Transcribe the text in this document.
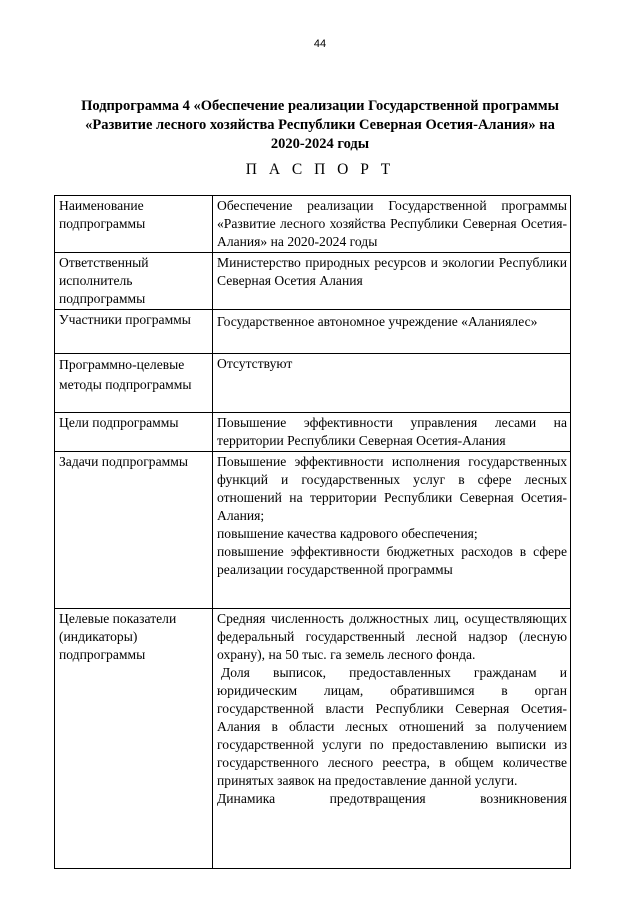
44
Подпрограмма 4 «Обеспечение реализации Государственной программы
«Развитие лесного хозяйства Республики Северная Осетия-Алания» на
2020-2024 годы
П А С П О Р Т
Наименование подпрограммы	Обеспечение реализации Государственной программы «Развитие лесного хозяйства Республики Северная Осетия-Алания» на 2020-2024 годы

Ответственный исполнитель подпрограммы	Министерство природных ресурсов и экологии Республики Северная Осетия Алания

Участники программы	Государственное автономное учреждение «Аланиялес»

Программно-целевые методы подпрограммы	Отсутствуют

Цели подпрограммы	Повышение эффективности управления лесами на территории Республики Северная Осетия-Алания

Задачи подпрограммы	Повышение эффективности исполнения государственных функций и государственных услуг в сфере лесных отношений на территории Республики Северная Осетия-Алания;
повышение качества кадрового обеспечения;
повышение эффективности бюджетных расходов в сфере реализации государственной программы

Целевые показатели (индикаторы) подпрограммы	Средняя численность должностных лиц, осуществляющих федеральный государственный лесной надзор (лесную охрану), на 50 тыс. га земель лесного фонда.
Доля выписок, предоставленных гражданам и юридическим лицам, обратившимся в орган государственной власти Республики Северная Осетия-Алания в области лесных отношений за получением государственной услуги по предоставлению выписки из государственного лесного реестра, в общем количестве принятых заявок на предоставление данной услуги.
Динамика предотвращения возникновения
